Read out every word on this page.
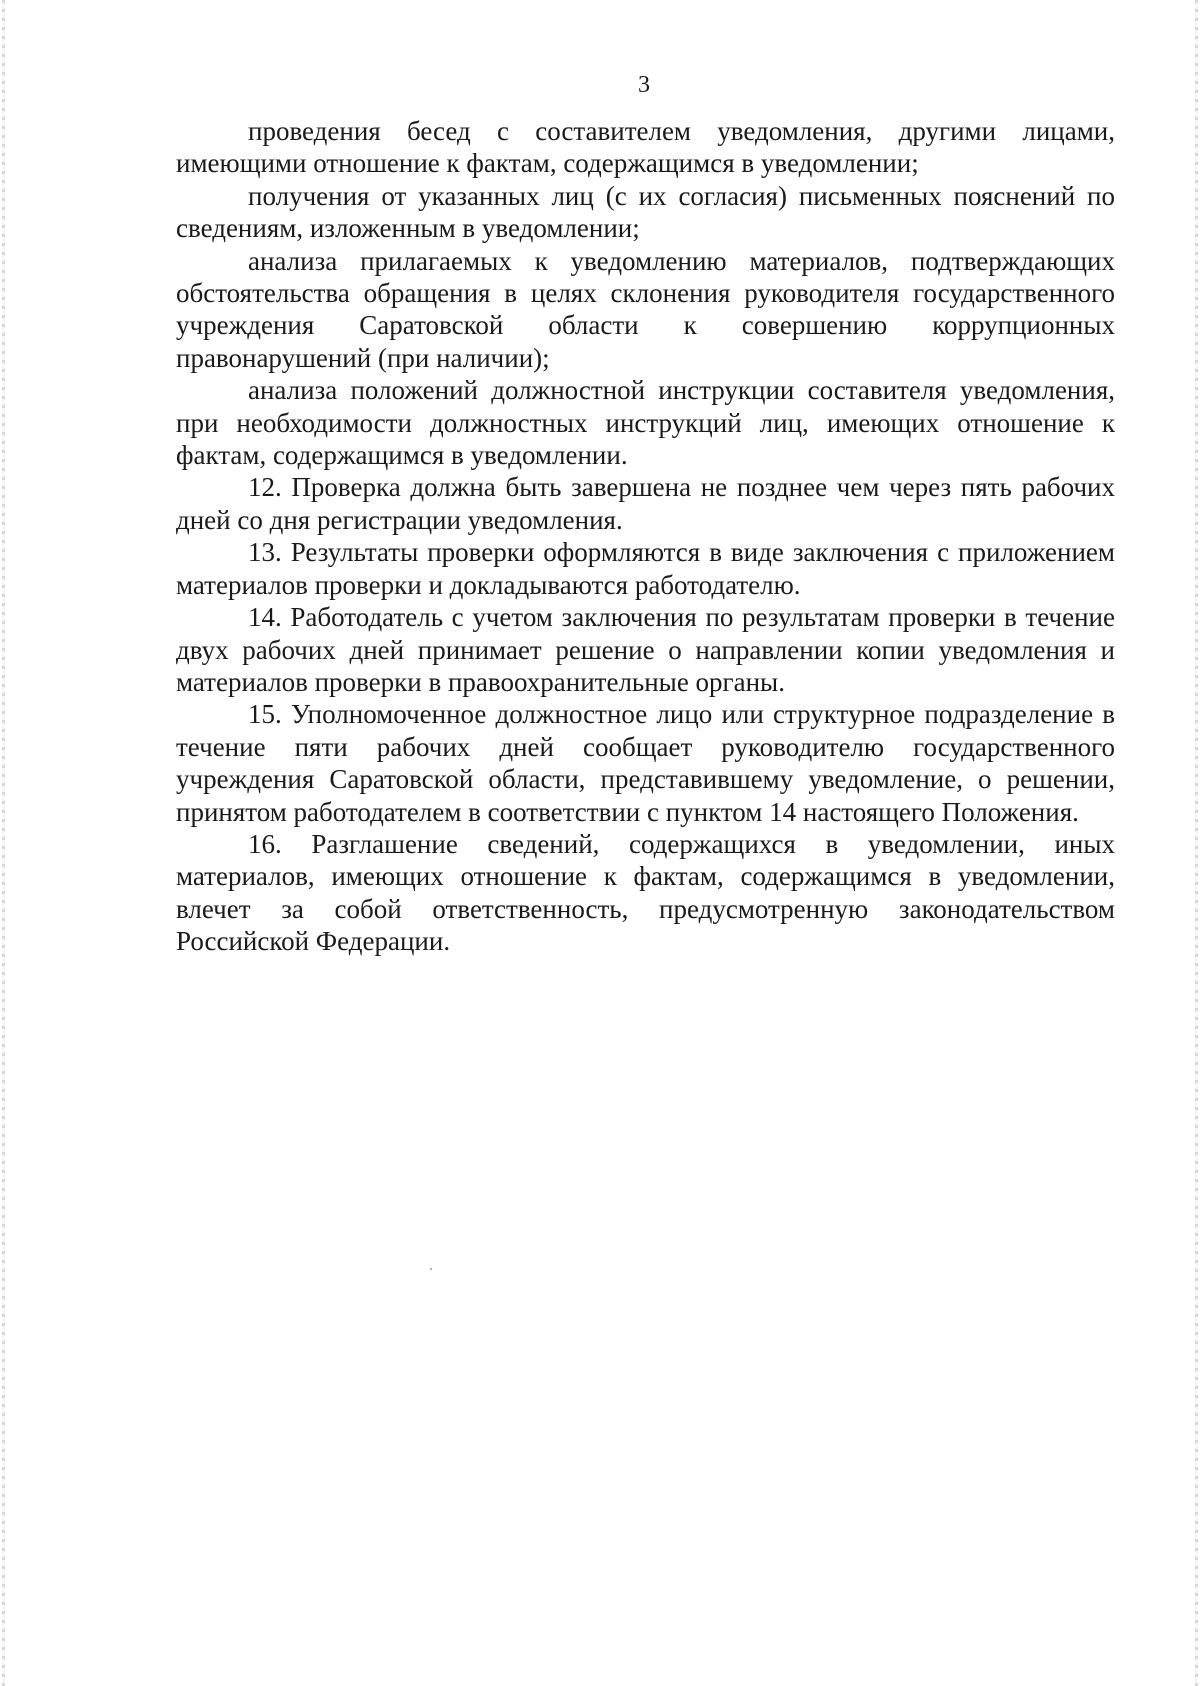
3

проведения бесед с составителем уведомления, другими лицами, имеющими отношение к фактам, содержащимся в уведомлении;

получения от указанных лиц (с их согласия) письменных пояснений по сведениям, изложенным в уведомлении;

анализа прилагаемых к уведомлению материалов, подтверждающих обстоятельства обращения в целях склонения руководителя государственного учреждения Саратовской области к совершению коррупционных правонарушений (при наличии);

анализа положений должностной инструкции составителя уведомления, при необходимости должностных инструкций лиц, имеющих отношение к фактам, содержащимся в уведомлении.

12. Проверка должна быть завершена не позднее чем через пять рабочих дней со дня регистрации уведомления.

13. Результаты проверки оформляются в виде заключения с приложением материалов проверки и докладываются работодателю.

14. Работодатель с учетом заключения по результатам проверки в течение двух рабочих дней принимает решение о направлении копии уведомления и материалов проверки в правоохранительные органы.

15. Уполномоченное должностное лицо или структурное подразделение в течение пяти рабочих дней сообщает руководителю государственного учреждения Саратовской области, представившему уведомление, о решении, принятом работодателем в соответствии с пунктом 14 настоящего Положения.

16. Разглашение сведений, содержащихся в уведомлении, иных материалов, имеющих отношение к фактам, содержащимся в уведомлении, влечет за собой ответственность, предусмотренную законодательством Российской Федерации.
